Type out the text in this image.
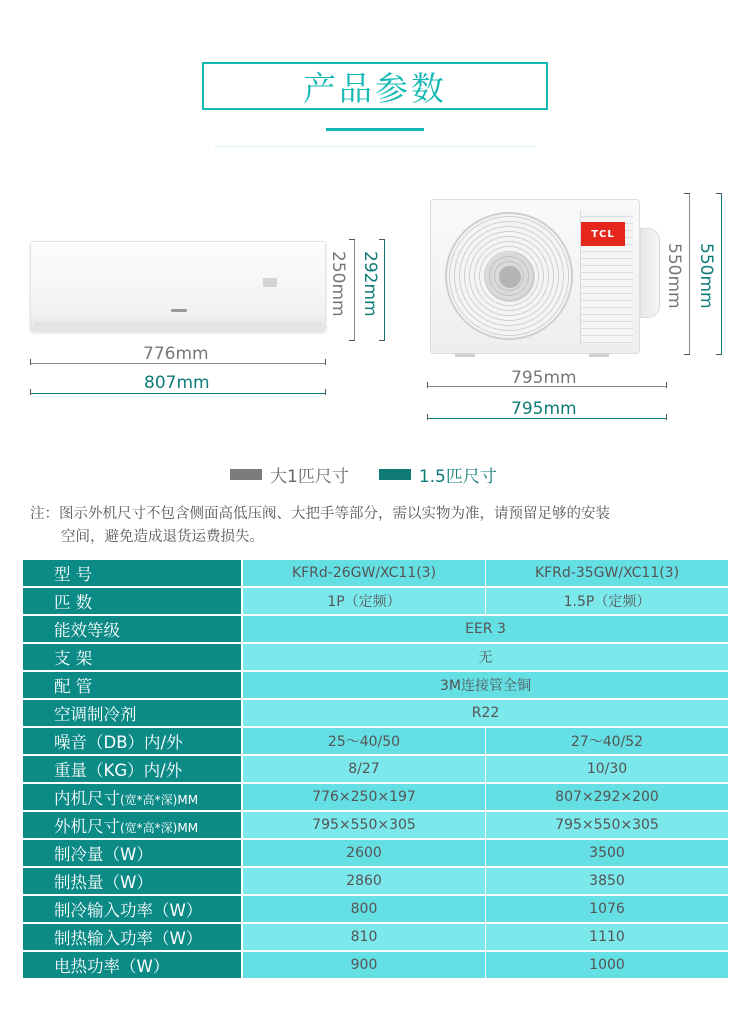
产品参数
250mm 292mm
776mm
807mm
TCL
550mm 550mm
795mm
795mm
大1匹尺寸	1.5匹尺寸
注：图示外机尺寸不包含侧面高低压阀、大把手等部分，需以实物为准，请预留足够的安装
空间，避免造成退货运费损失。
型 号	KFRd-26GW/XC11(3)	KFRd-35GW/XC11(3)
匹 数	1P（定频）	1.5P（定频）
能效等级	EER 3	
支 架	无	
配 管	3M连接管全铜	
空调制冷剂	R22	
噪音（DB）内/外	25～40/50	27～40/52
重量（KG）内/外	8/27	10/30
内机尺寸(宽*高*深)MM	776×250×197	807×292×200
外机尺寸(宽*高*深)MM	795×550×305	795×550×305
制冷量（W）	2600	3500
制热量（W）	2860	3850
制冷输入功率（W）	800	1076
制热输入功率（W）	810	1110
电热功率（W）	900	1000
